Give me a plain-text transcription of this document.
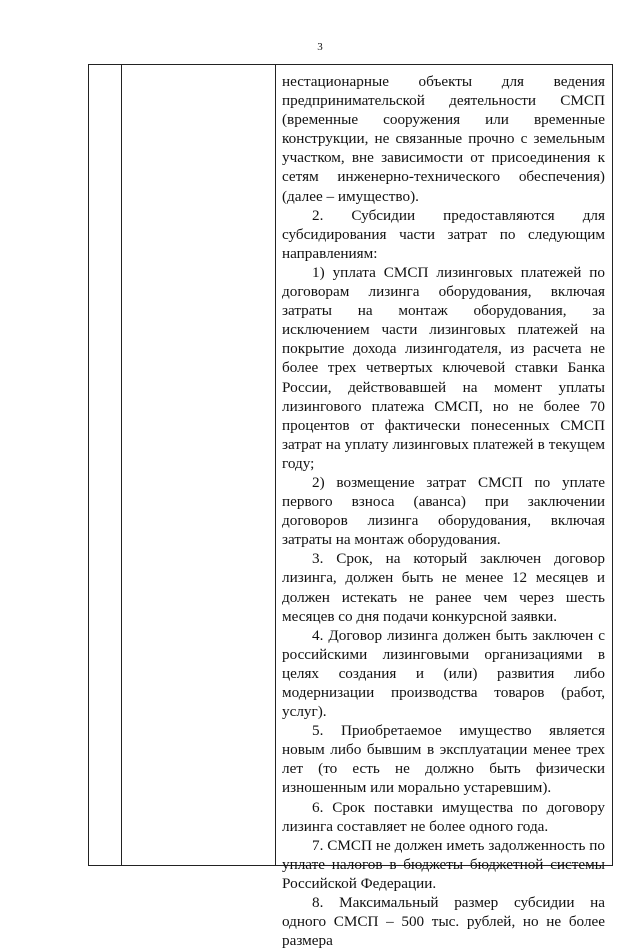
3

нестационарные объекты для ведения предпринимательской деятельности СМСП (временные сооружения или временные конструкции, не связанные прочно с земельным участком, вне зависимости от присоединения к сетям инженерно-технического обеспечения) (далее – имущество).

2. Субсидии предоставляются для субсидирования части затрат по следующим направлениям:

1) уплата СМСП лизинговых платежей по договорам лизинга оборудования, включая затраты на монтаж оборудования, за исключением части лизинговых платежей на покрытие дохода лизингодателя, из расчета не более трех четвертых ключевой ставки Банка России, действовавшей на момент уплаты лизингового платежа СМСП, но не более 70 процентов от фактически понесенных СМСП затрат на уплату лизинговых платежей в текущем году;

2) возмещение затрат СМСП по уплате первого взноса (аванса) при заключении договоров лизинга оборудования, включая затраты на монтаж оборудования.

3. Срок, на который заключен договор лизинга, должен быть не менее 12 месяцев и должен истекать не ранее чем через шесть месяцев со дня подачи конкурсной заявки.

4. Договор лизинга должен быть заключен с российскими лизинговыми организациями в целях создания и (или) развития либо модернизации производства товаров (работ, услуг).

5. Приобретаемое имущество является новым либо бывшим в эксплуатации менее трех лет (то есть не должно быть физически изношенным или морально устаревшим).

6. Срок поставки имущества по договору лизинга составляет не более одного года.

7. СМСП не должен иметь задолженность по уплате налогов в бюджеты бюджетной системы Российской Федерации.

8. Максимальный размер субсидии на одного СМСП – 500 тыс. рублей, но не более размера
